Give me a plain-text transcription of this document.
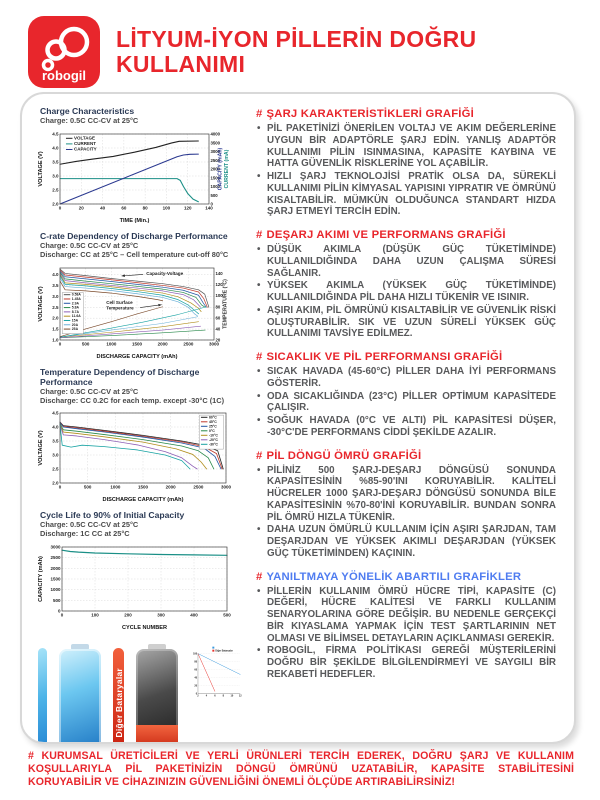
robogil
LİTYUM-İYON PİLLERİN DOĞRU KULLANIMI
Charge Characteristics
Charge: 0.5C CC-CV at 25°C
0	20	40	60	80	100	120	140
2.0
2.5
3.0
3.5
4.0
4.5
0
500
1000
1500
2000
2500
3000
3500
4000
TIME (Min.)
VOLTAGE (V)	CAPACITY (mAh) CURRENT (mA)
VOLTAGE
CURRENT
CAPACITY
C-rate Dependency of Discharge Performance
Charge: 0.5C CC-CV at 25°C
Discharge: CC at 25°C – Cell temperature cut-off 80°C
0	500	1000	1500	2000	2500	3000
1.0
1.5
2.0
2.5
3.0
3.5
4.0
20
40
60
80
100
120
140
DISCHARGE CAPACITY (mAh)
VOLTAGE (V)	TEMPERATURE (°C)
0.58A
1.45A
2.9A
5.8A
8.7A
11.6A
15A
20A
25A
Capacity-Voltage
Cell Surface
Temperature
Temperature Dependency of Discharge Performance
Charge: 0.5C CC-CV at 25°C
Discharge: CC 0.2C for each temp. except -30°C (1C)
0	500	1000	1500	2000	2500	3000
2.0
2.5
3.0
3.5
4.0
4.5
DISCHARGE CAPACITY (mAh)
VOLTAGE (V)
60°C
45°C
25°C
0°C
-10°C
-20°C
-30°C
Cycle Life to 90% of Initial Capacity
Charge: 0.5C CC-CV at 25°C
Discharge: 1C CC at 25°C
0	100	200	300	400	500
0
500
1000
1500
2000
2500
3000
CYCLE NUMBER
CAPACITY (mAh)
Diğer Bataryalar	2 4 6 8 10 12
0
20
40
60
80
100
Diğer Bataryalar
# ŞARJ KARAKTERİSTİKLERİ GRAFİĞİ
• PİL PAKETİNİZİ ÖNERİLEN VOLTAJ VE AKIM DEĞERLERİNE UYGUN BİR ADAPTÖRLE ŞARJ EDİN. YANLIŞ ADAPTÖR KULLANIMI PİLİN ISINMASINA, KAPASİTE KAYBINA VE HATTA GÜVENLİK RİSKLERİNE YOL AÇABİLİR.
• HIZLI ŞARJ TEKNOLOJİSİ PRATİK OLSA DA, SÜREKLİ KULLANIMI PİLİN KİMYASAL YAPISINI YIPRATIR VE ÖMRÜNÜ KISALTABİLİR. MÜMKÜN OLDUĞUNCA STANDART HIZDA ŞARJ ETMEYİ TERCİH EDİN.
# DEŞARJ AKIMI VE PERFORMANS GRAFİĞİ
• DÜŞÜK AKIMLA (DÜŞÜK GÜÇ TÜKETİMİNDE) KULLANILDIĞINDA DAHA UZUN ÇALIŞMA SÜRESİ SAĞLANIR.
• YÜKSEK AKIMLA (YÜKSEK GÜÇ TÜKETİMİNDE) KULLANILDIĞINDA PİL DAHA HIZLI TÜKENİR VE ISINIR.
• AŞIRI AKIM, PİL ÖMRÜNÜ KISALTABİLİR VE GÜVENLİK RİSKİ OLUŞTURABİLİR. SIK VE UZUN SÜRELİ YÜKSEK GÜÇ KULLANIMI TAVSİYE EDİLMEZ.
# SICAKLIK VE PİL PERFORMANSI GRAFİĞİ
• SICAK HAVADA (45-60°C) PİLLER DAHA İYİ PERFORMANS GÖSTERİR.
• ODA SICAKLIĞINDA (23°C) PİLLER OPTİMUM KAPASİTEDE ÇALIŞIR.
• SOĞUK HAVADA (0°C VE ALTI) PİL KAPASİTESİ DÜŞER, -30°C'DE PERFORMANS CİDDİ ŞEKİLDE AZALIR.
# PİL DÖNGÜ ÖMRÜ GRAFİĞİ
• PİLİNİZ 500 ŞARJ-DEŞARJ DÖNGÜSÜ SONUNDA KAPASİTESİNİN %85-90'INI KORUYABİLİR. KALİTELİ HÜCRELER 1000 ŞARJ-DEŞARJ DÖNGÜSÜ SONUNDA BİLE KAPASİTESİNİN %70-80'İNİ KORUYABİLİR. BUNDAN SONRA PİL ÖMRÜ HIZLA TÜKENİR.
• DAHA UZUN ÖMÜRLÜ KULLANIM İÇİN AŞIRI ŞARJDAN, TAM DEŞARJDAN VE YÜKSEK AKIMLI DEŞARJDAN (YÜKSEK GÜÇ TÜKETİMİNDEN) KAÇININ.
# YANILTMAYA YÖNELİK ABARTILI GRAFİKLER
• PİLLERİN KULLANIM ÖMRÜ HÜCRE TİPİ, KAPASİTE (C) DEĞERİ, HÜCRE KALİTESİ VE FARKLI KULLANIM SENARYOLARINA GÖRE DEĞİŞİR. BU NEDENLE GERÇEKÇİ BİR KIYASLAMA YAPMAK İÇİN TEST ŞARTLARININ NET OLMASI VE BİLİMSEL DETAYLARIN AÇIKLANMASI GEREKİR.
• ROBOGİL, FİRMA POLİTİKASI GEREĞİ MÜŞTERİLERİNİ DOĞRU BİR ŞEKİLDE BİLGİLENDİRMEYİ VE SAYGILI BİR REKABETİ HEDEFLER.
# KURUMSAL ÜRETİCİLERİ VE YERLİ ÜRÜNLERİ TERCİH EDEREK, DOĞRU ŞARJ VE KULLANIM KOŞULLARIYLA PİL PAKETİNİZİN DÖNGÜ ÖMRÜNÜ UZATABİLİR, KAPASİTE STABİLİTESİNİ KORUYABİLİR VE CİHAZINIZIN GÜVENLİĞİNİ ÖNEMLİ ÖLÇÜDE ARTIRABİLİRSİNİZ!
